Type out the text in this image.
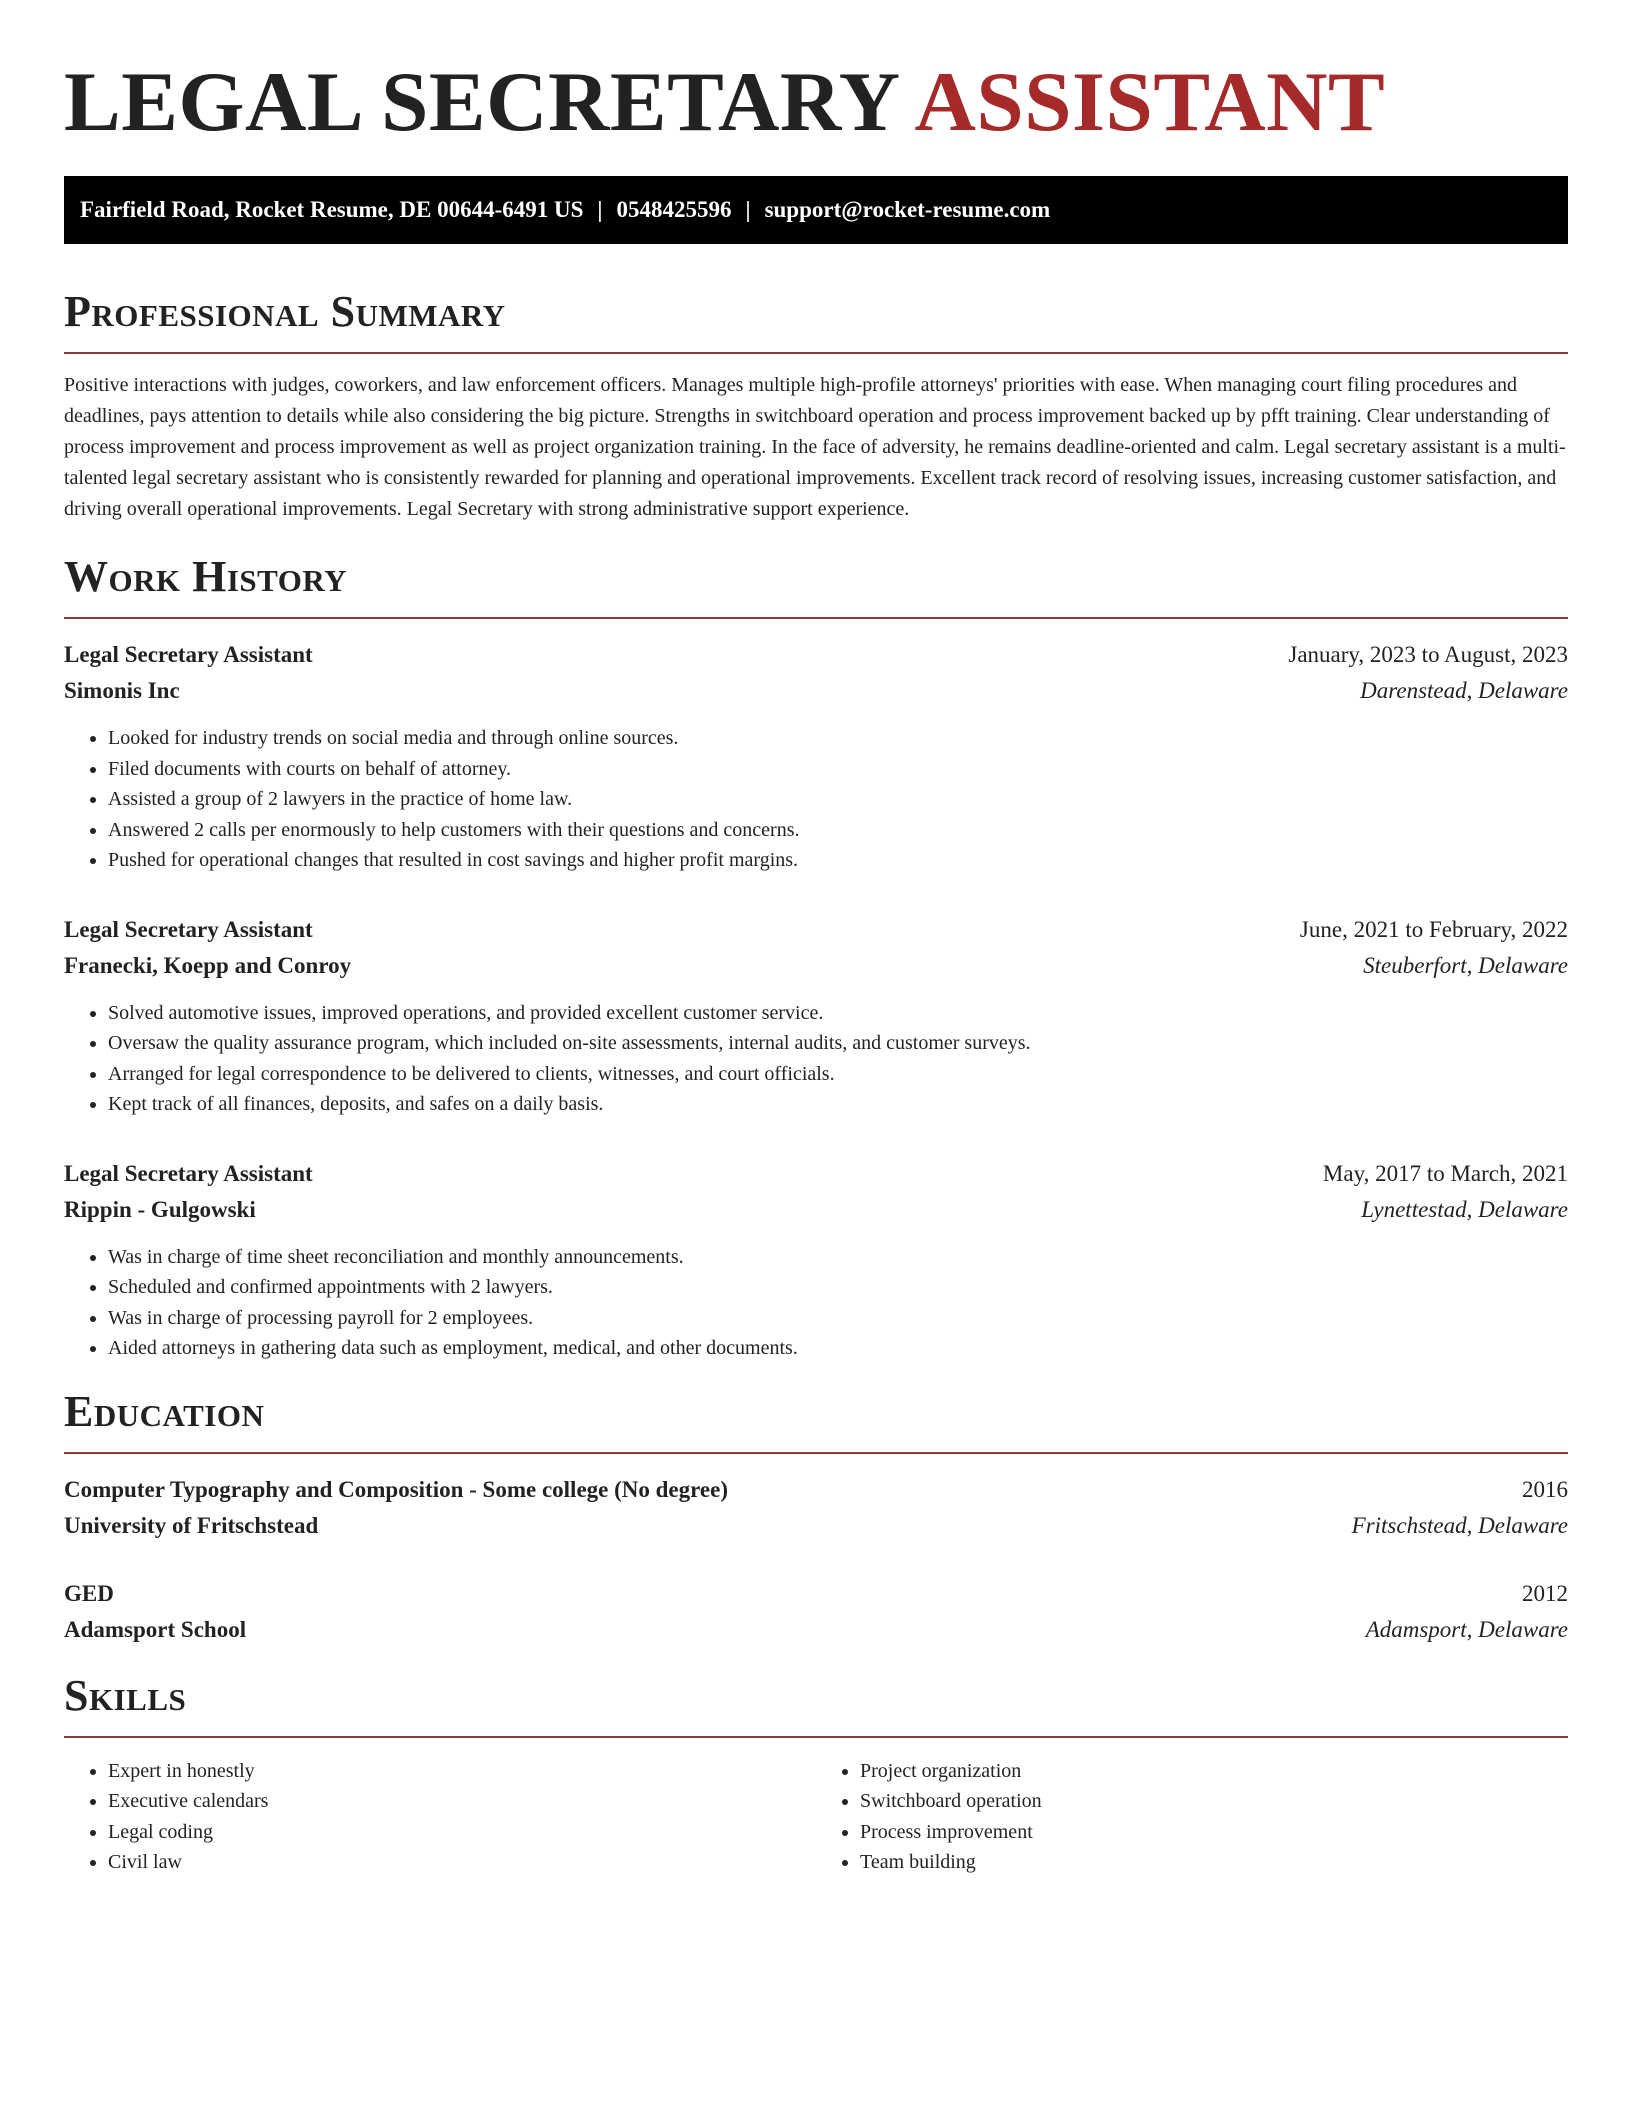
LEGAL SECRETARY ASSISTANT
Fairfield Road, Rocket Resume, DE 00644-6491 US | 0548425596 | support@rocket-resume.com
Professional Summary

Positive interactions with judges, coworkers, and law enforcement officers. Manages multiple high-profile attorneys' priorities with ease. When managing court filing procedures and deadlines, pays attention to details while also considering the big picture. Strengths in switchboard operation and process improvement backed up by pfft training. Clear understanding of process improvement and process improvement as well as project organization training. In the face of adversity, he remains deadline-oriented and calm. Legal secretary assistant is a multi-talented legal secretary assistant who is consistently rewarded for planning and operational improvements. Excellent track record of resolving issues, increasing customer satisfaction, and driving overall operational improvements. Legal Secretary with strong administrative support experience.

Work History
Legal Secretary Assistant	January, 2023 to August, 2023
Simonis Inc	Darenstead, Delaware
• Looked for industry trends on social media and through online sources.
• Filed documents with courts on behalf of attorney.
• Assisted a group of 2 lawyers in the practice of home law.
• Answered 2 calls per enormously to help customers with their questions and concerns.
• Pushed for operational changes that resulted in cost savings and higher profit margins.
Legal Secretary Assistant	June, 2021 to February, 2022
Franecki, Koepp and Conroy	Steuberfort, Delaware
• Solved automotive issues, improved operations, and provided excellent customer service.
• Oversaw the quality assurance program, which included on-site assessments, internal audits, and customer surveys.
• Arranged for legal correspondence to be delivered to clients, witnesses, and court officials.
• Kept track of all finances, deposits, and safes on a daily basis.
Legal Secretary Assistant	May, 2017 to March, 2021
Rippin - Gulgowski	Lynettestad, Delaware
• Was in charge of time sheet reconciliation and monthly announcements.
• Scheduled and confirmed appointments with 2 lawyers.
• Was in charge of processing payroll for 2 employees.
• Aided attorneys in gathering data such as employment, medical, and other documents.
Education
Computer Typography and Composition - Some college (No degree)	2016
University of Fritschstead	Fritschstead, Delaware
GED	2012
Adamsport School	Adamsport, Delaware
Skills
• Expert in honestly
• Executive calendars
• Legal coding
• Civil law
• Project organization
• Switchboard operation
• Process improvement
• Team building
